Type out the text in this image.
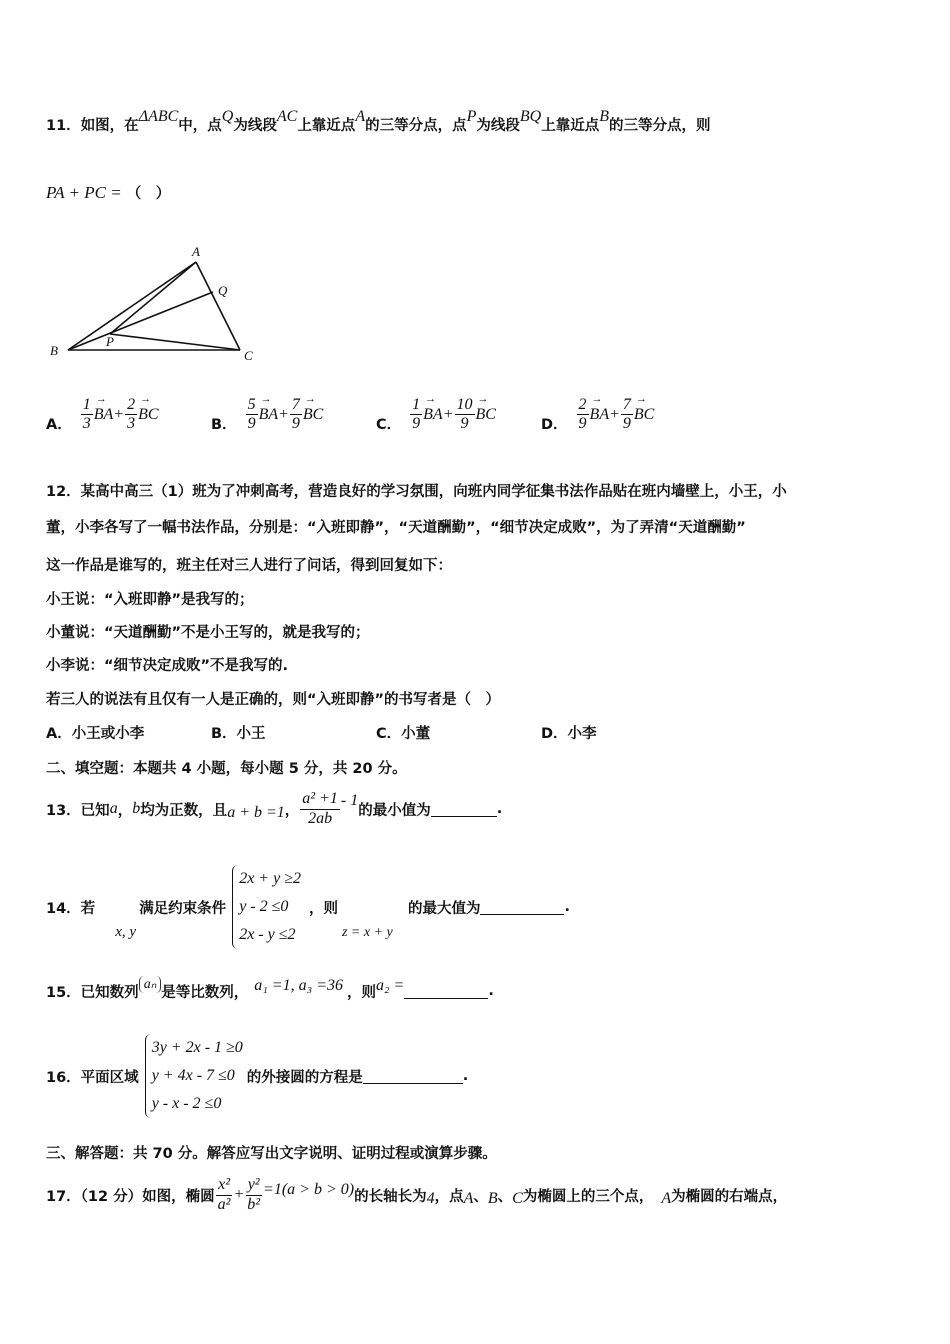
11．如图，在ΔABC中，点Q为线段AC上靠近点A的三等分点，点P为线段BQ上靠近点B的三等分点，则
PA + PC = （　）
A
B	C
Q
P
A． $\frac{1}{3}$
→ $BA+ \frac{2}{3}$
→ BC
B． $\frac{5}{9}$
→ $BA+ \frac{7}{9}$
→ BC
C． $\frac{1}{9}$
→ $BA+ \frac{10}{9}$
→ BC
D． $\frac{2}{9}$
→ $BA+ \frac{7}{9}$
→ BC
12．某高中高三（1）班为了冲刺高考，营造良好的学习氛围，向班内同学征集书法作品贴在班内墙壁上，小王，小
董，小李各写了一幅书法作品，分别是：“入班即静”，“天道酬勤”，“细节决定成败”，为了弄清“天道酬勤”
这一作品是谁写的，班主任对三人进行了问话，得到回复如下：
小王说：“入班即静”是我写的；
小董说：“天道酬勤”不是小王写的，就是我写的；
小李说：“细节决定成败”不是我写的.
若三人的说法有且仅有一人是正确的，则“入班即静”的书写者是（　）
A．小王或小李	B．小王	C．小董	D．小李
二、填空题：本题共 4 小题，每小题 5 分，共 20 分。
13．已知 a ， b 均为正数，且 a + b =1 ， $\frac{\text{a² +1}}{2ab} - 1$
的最小值为	.
14．若
x, y
满足约束条件
2x + y ≥2
y - 2 ≤0
2x - y ≤2
，则
z = x + y
的最大值为	.
15．已知数列
aₙ
是等比数列， a₁ =1, a₃ =36 ，则 a₂ =	.
16．平面区域
3y + 2x - 1 ≥0
y + 4x - 7 ≤0
y - x - 2 ≤0
的外接圆的方程是	.
三、解答题：共 70 分。解答应写出文字说明、证明过程或演算步骤。
17．（12 分）如图，椭圆 $\frac{\text{x²}}{\text{a²}} + \frac{\text{y²}}{\text{b²}} =1(a > b > 0)$ 的长轴长为 4 ，点 A 、 B 、 C 为椭圆上的三个点， A 为椭圆的右端点，
